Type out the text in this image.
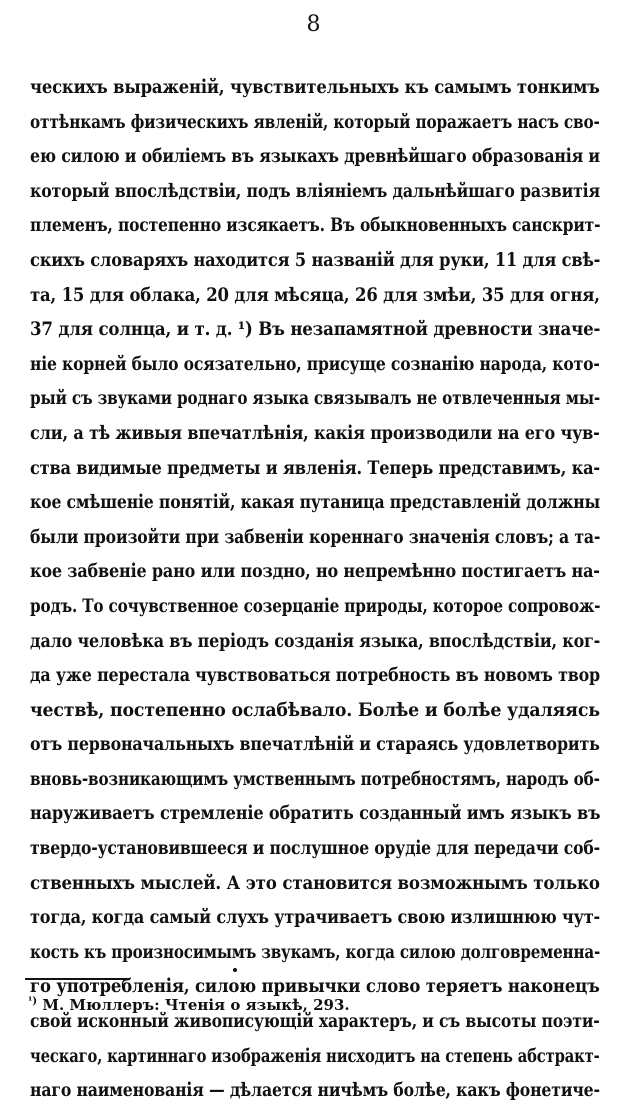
8
ческихъ выраженій, чувствительныхъ къ самымъ тонкимъ
оттѣнкамъ физическихъ явленій, который поражаетъ насъ сво-
ею силою и обиліемъ въ языкахъ древнѣйшаго образованія и
который впослѣдствіи, подъ вліяніемъ дальнѣйшаго развитія
племенъ, постепенно изсякаетъ. Въ обыкновенныхъ санскрит-
скихъ словаряхъ находится 5 названій для руки, 11 для свѣ-
та, 15 для облака, 20 для мѣсяца, 26 для змѣи, 35 для огня,
37 для солнца, и т. д. ¹) Въ незапамятной древности значе-
ніе корней было осязательно, присуще сознанію народа, кото-
рый съ звуками роднаго языка связывалъ не отвлеченныя мы-
сли, а тѣ живыя впечатлѣнія, какія производили на его чув-
ства видимые предметы и явленія. Теперь представимъ, ка-
кое смѣшеніе понятій, какая путаница представленій должны
были произойти при забвеніи кореннаго значенія словъ; а та-
кое забвеніе рано или поздно, но непремѣнно постигаетъ на-
родъ. То сочувственное созерцаніе природы, которое сопровож-
дало человѣка въ періодъ созданія языка, впослѣдствіи, ког-
да уже перестала чувствоваться потребность въ новомъ твор
чествѣ, постепенно ослабѣвало. Болѣе и болѣе удаляясь
отъ первоначальныхъ впечатлѣній и стараясь удовлетворить
вновь-возникающимъ умственнымъ потребностямъ, народъ об-
наруживаетъ стремленіе обратить созданный имъ языкъ въ
твердо-установившееся и послушное орудіе для передачи соб-
ственныхъ мыслей. А это становится возможнымъ только
тогда, когда самый слухъ утрачиваетъ свою излишнюю чут-
кость къ произносимымъ звукамъ, когда силою долговременна-
го употребленія, силою привычки слово теряетъ наконецъ
свой исконный живописующій характеръ, и съ высоты поэти-
ческаго, картиннаго изображенія нисходитъ на степень абстракт-
наго наименованія — дѣлается ничѣмъ болѣе, какъ фонетиче-
$^{^1)}$ М. Мюллеръ: Чтенія о языкѣ, 293.
